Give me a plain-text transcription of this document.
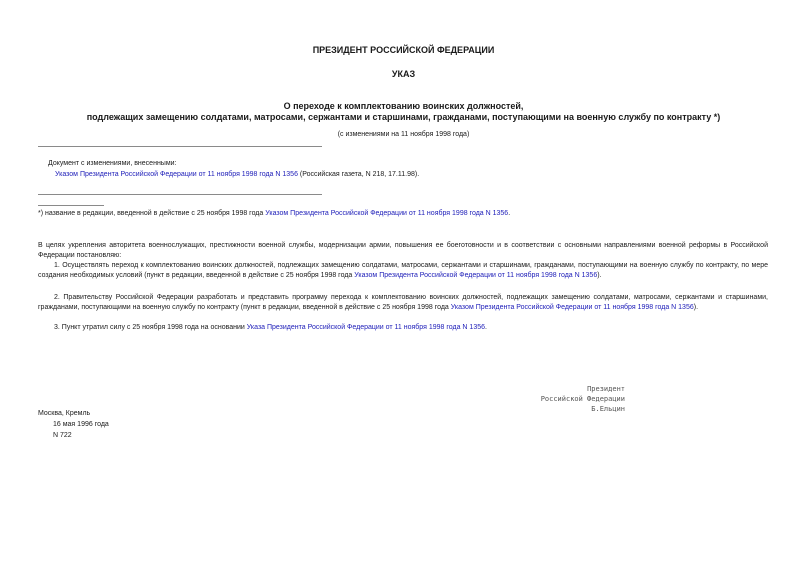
ПРЕЗИДЕНТ РОССИЙСКОЙ ФЕДЕРАЦИИ
УКАЗ
О переходе к комплектованию воинских должностей,
подлежащих замещению солдатами, матросами, сержантами и старшинами, гражданами, поступающими на военную службу по контракту *)
(с изменениями на 11 ноября 1998 года)
Документ с изменениями, внесенными:
Указом Президента Российской Федерации от 11 ноября 1998 года N 1356 (Российская газета, N 218, 17.11.98).
*) название в редакции, введенной в действие с 25 ноября 1998 года Указом Президента Российской Федерации от 11 ноября 1998 года N 1356.
В целях укрепления авторитета военнослужащих, престижности военной службы, модернизации армии, повышения ее боеготовности и в соответствии с основными направлениями военной реформы в Российской Федерации постановляю:
1. Осуществлять переход к комплектованию воинских должностей, подлежащих замещению солдатами, матросами, сержантами и старшинами, гражданами, поступающими на военную службу по контракту, по мере создания необходимых условий (пункт в редакции, введенной в действие с 25 ноября 1998 года Указом Президента Российской Федерации от 11 ноября 1998 года N 1356).
2. Правительству Российской Федерации разработать и представить программу перехода к комплектованию воинских должностей, подлежащих замещению солдатами, матросами, сержантами и старшинами, гражданами, поступающими на военную службу по контракту (пункт в редакции, введенной в действие с 25 ноября 1998 года Указом Президента Российской Федерации от 11 ноября 1998 года N 1356).
3. Пункт утратил силу с 25 ноября 1998 года на основании Указа Президента Российской Федерации от 11 ноября 1998 года N 1356.
Президент
Российской Федерации
Б.Ельцин
Москва, Кремль
16 мая 1996 года
N 722
